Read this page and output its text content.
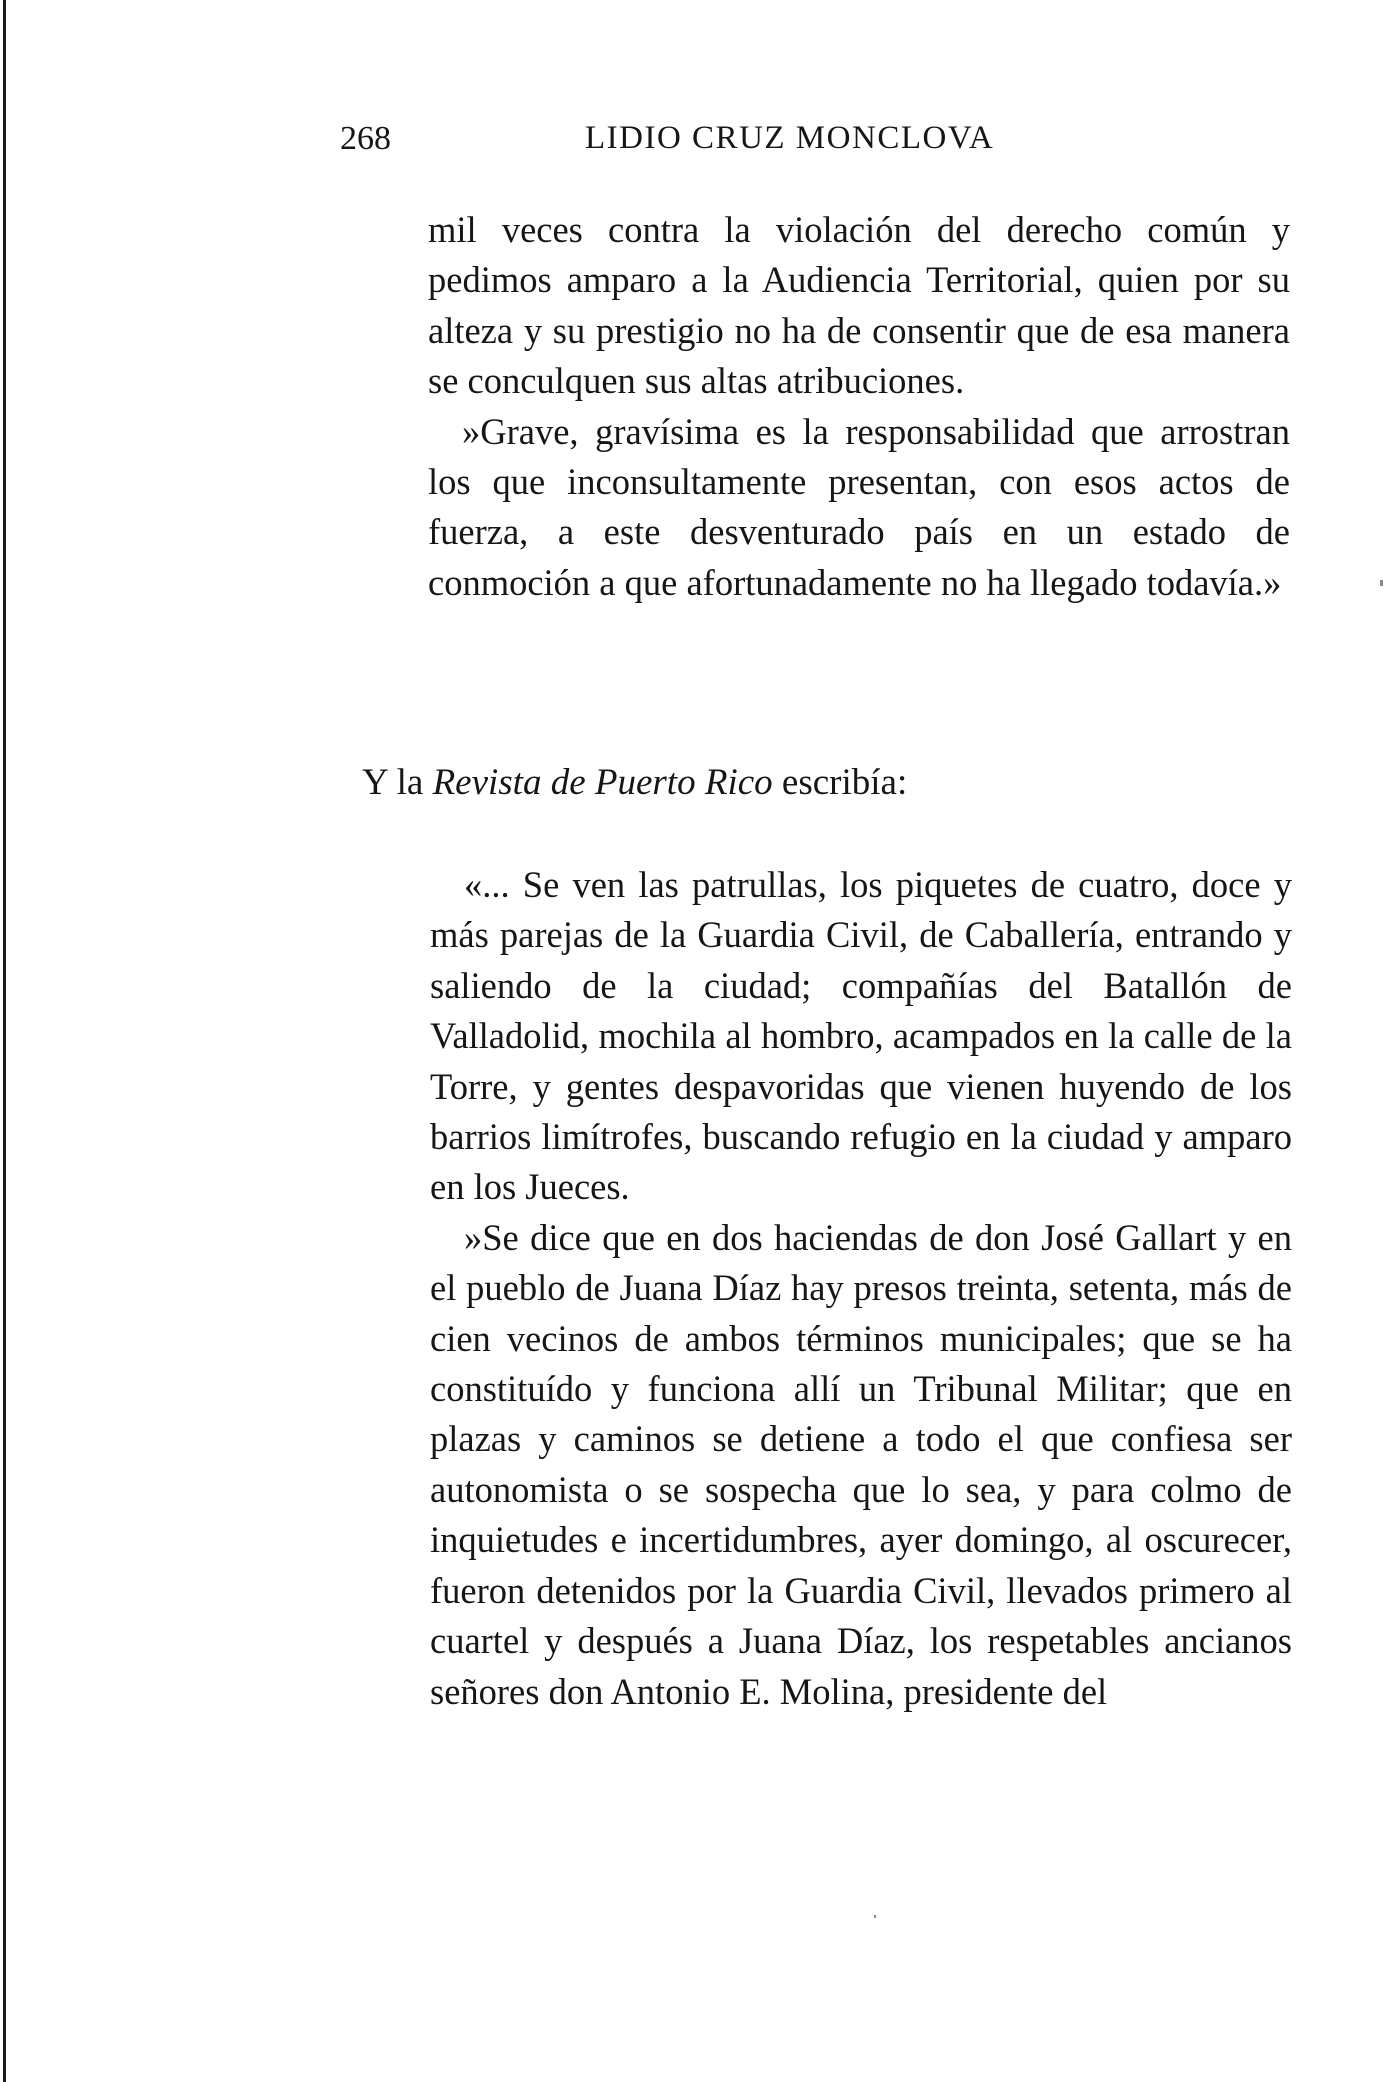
268	LIDIO CRUZ MONCLOVA

mil veces contra la violación del derecho común y pedimos amparo a la Audiencia Territorial, quien por su alteza y su prestigio no ha de consentir que de esa manera se conculquen sus altas atribuciones.

»Grave, gravísima es la responsabilidad que arrostran los que inconsultamente presentan, con esos actos de fuerza, a este desventurado país en un estado de conmoción a que afortunadamente no ha llegado todavía.»

Y la Revista de Puerto Rico escribía:

«... Se ven las patrullas, los piquetes de cuatro, doce y más parejas de la Guardia Civil, de Caballería, entrando y saliendo de la ciudad; compañías del Batallón de Valladolid, mochila al hombro, acampados en la calle de la Torre, y gentes despavoridas que vienen huyendo de los barrios limítrofes, buscando refugio en la ciudad y amparo en los Jueces.

»Se dice que en dos haciendas de don José Gallart y en el pueblo de Juana Díaz hay presos treinta, setenta, más de cien vecinos de ambos términos municipales; que se ha constituído y funciona allí un Tribunal Militar; que en plazas y caminos se detiene a todo el que confiesa ser autonomista o se sospecha que lo sea, y para colmo de inquietudes e incertidumbres, ayer domingo, al oscurecer, fueron detenidos por la Guardia Civil, llevados primero al cuartel y después a Juana Díaz, los respetables ancianos señores don Antonio E. Molina, presidente del
